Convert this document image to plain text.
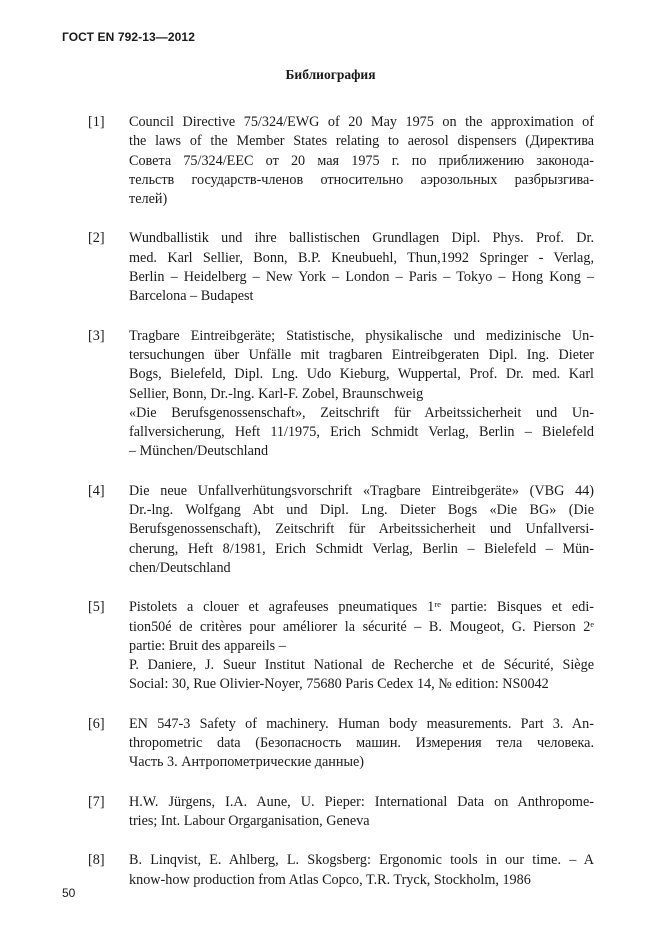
ГОСТ EN 792-13—2012
Библиография
[1] Council Directive 75/324/EWG of 20 May 1975 on the approximation of
the laws of the Member States relating to aerosol dispensers (Директива
Совета 75/324/ЕЕС от 20 мая 1975 г. по приближению законода-
тельств государств-членов относительно аэрозольных разбрызгива-
телей)
[2] Wundballistik und ihre ballistischen Grundlagen Dipl. Phys. Prof. Dr.
med. Karl Sellier, Bonn, B.P. Kneubuehl, Thun,1992 Springer - Verlag,
Berlin – Heidelberg – New York – London – Paris – Tokyo – Hong Kong –
Barcelona – Budapest
[3] Tragbare Eintreibgeräte; Statistische, physikalische und medizinische Un-
tersuchungen über Unfälle mit tragbaren Eintreibgeraten Dipl. Ing. Dieter
Bogs, Bielefeld, Dipl. Lng. Udo Kieburg, Wuppertal, Prof. Dr. med. Karl
Sellier, Bonn, Dr.-lng. Karl-F. Zobel, Braunschweig
«Die Berufsgenossenschaft», Zeitschrift für Arbeitssicherheit und Un-
fallversicherung, Heft 11/1975, Erich Schmidt Verlag, Berlin – Bielefeld
– München/Deutschland
[4] Die neue Unfallverhütungsvorschrift «Tragbare Eintreibgeräte» (VBG 44)
Dr.-lng. Wolfgang Abt und Dipl. Lng. Dieter Bogs «Die BG» (Die
Berufsgenossenschaft), Zeitschrift für Arbeitssicherheit und Unfallversi-
cherung, Heft 8/1981, Erich Schmidt Verlag, Berlin – Bielefeld – Mün-
chen/Deutschland
[5] Pistolets a clouer et agrafeuses pneumatiques 1ʳᵉ partie: Bisques et edi-
tion50é de critères pour améliorer la sécurité – B. Mougeot, G. Pierson 2ᵉ
partie: Bruit des appareils –
P. Daniere, J. Sueur Institut National de Recherche et de Sécurité, Siège
Social: 30, Rue Olivier-Noyer, 75680 Paris Cedex 14, № edition: NS0042
[6] EN 547-3 Safety of machinery. Human body measurements. Part 3. An-
thropometric data (Безопасность машин. Измерения тела человека.
Часть 3. Антропометрические данные)
[7] H.W. Jürgens, I.A. Aune, U. Pieper: International Data on Anthropome-
tries; Int. Labour Orgarganisation, Geneva
[8] B. Linqvist, E. Ahlberg, L. Skogsberg: Ergonomic tools in our time. – A
know-how production from Atlas Copco, T.R. Tryck, Stockholm, 1986
50
